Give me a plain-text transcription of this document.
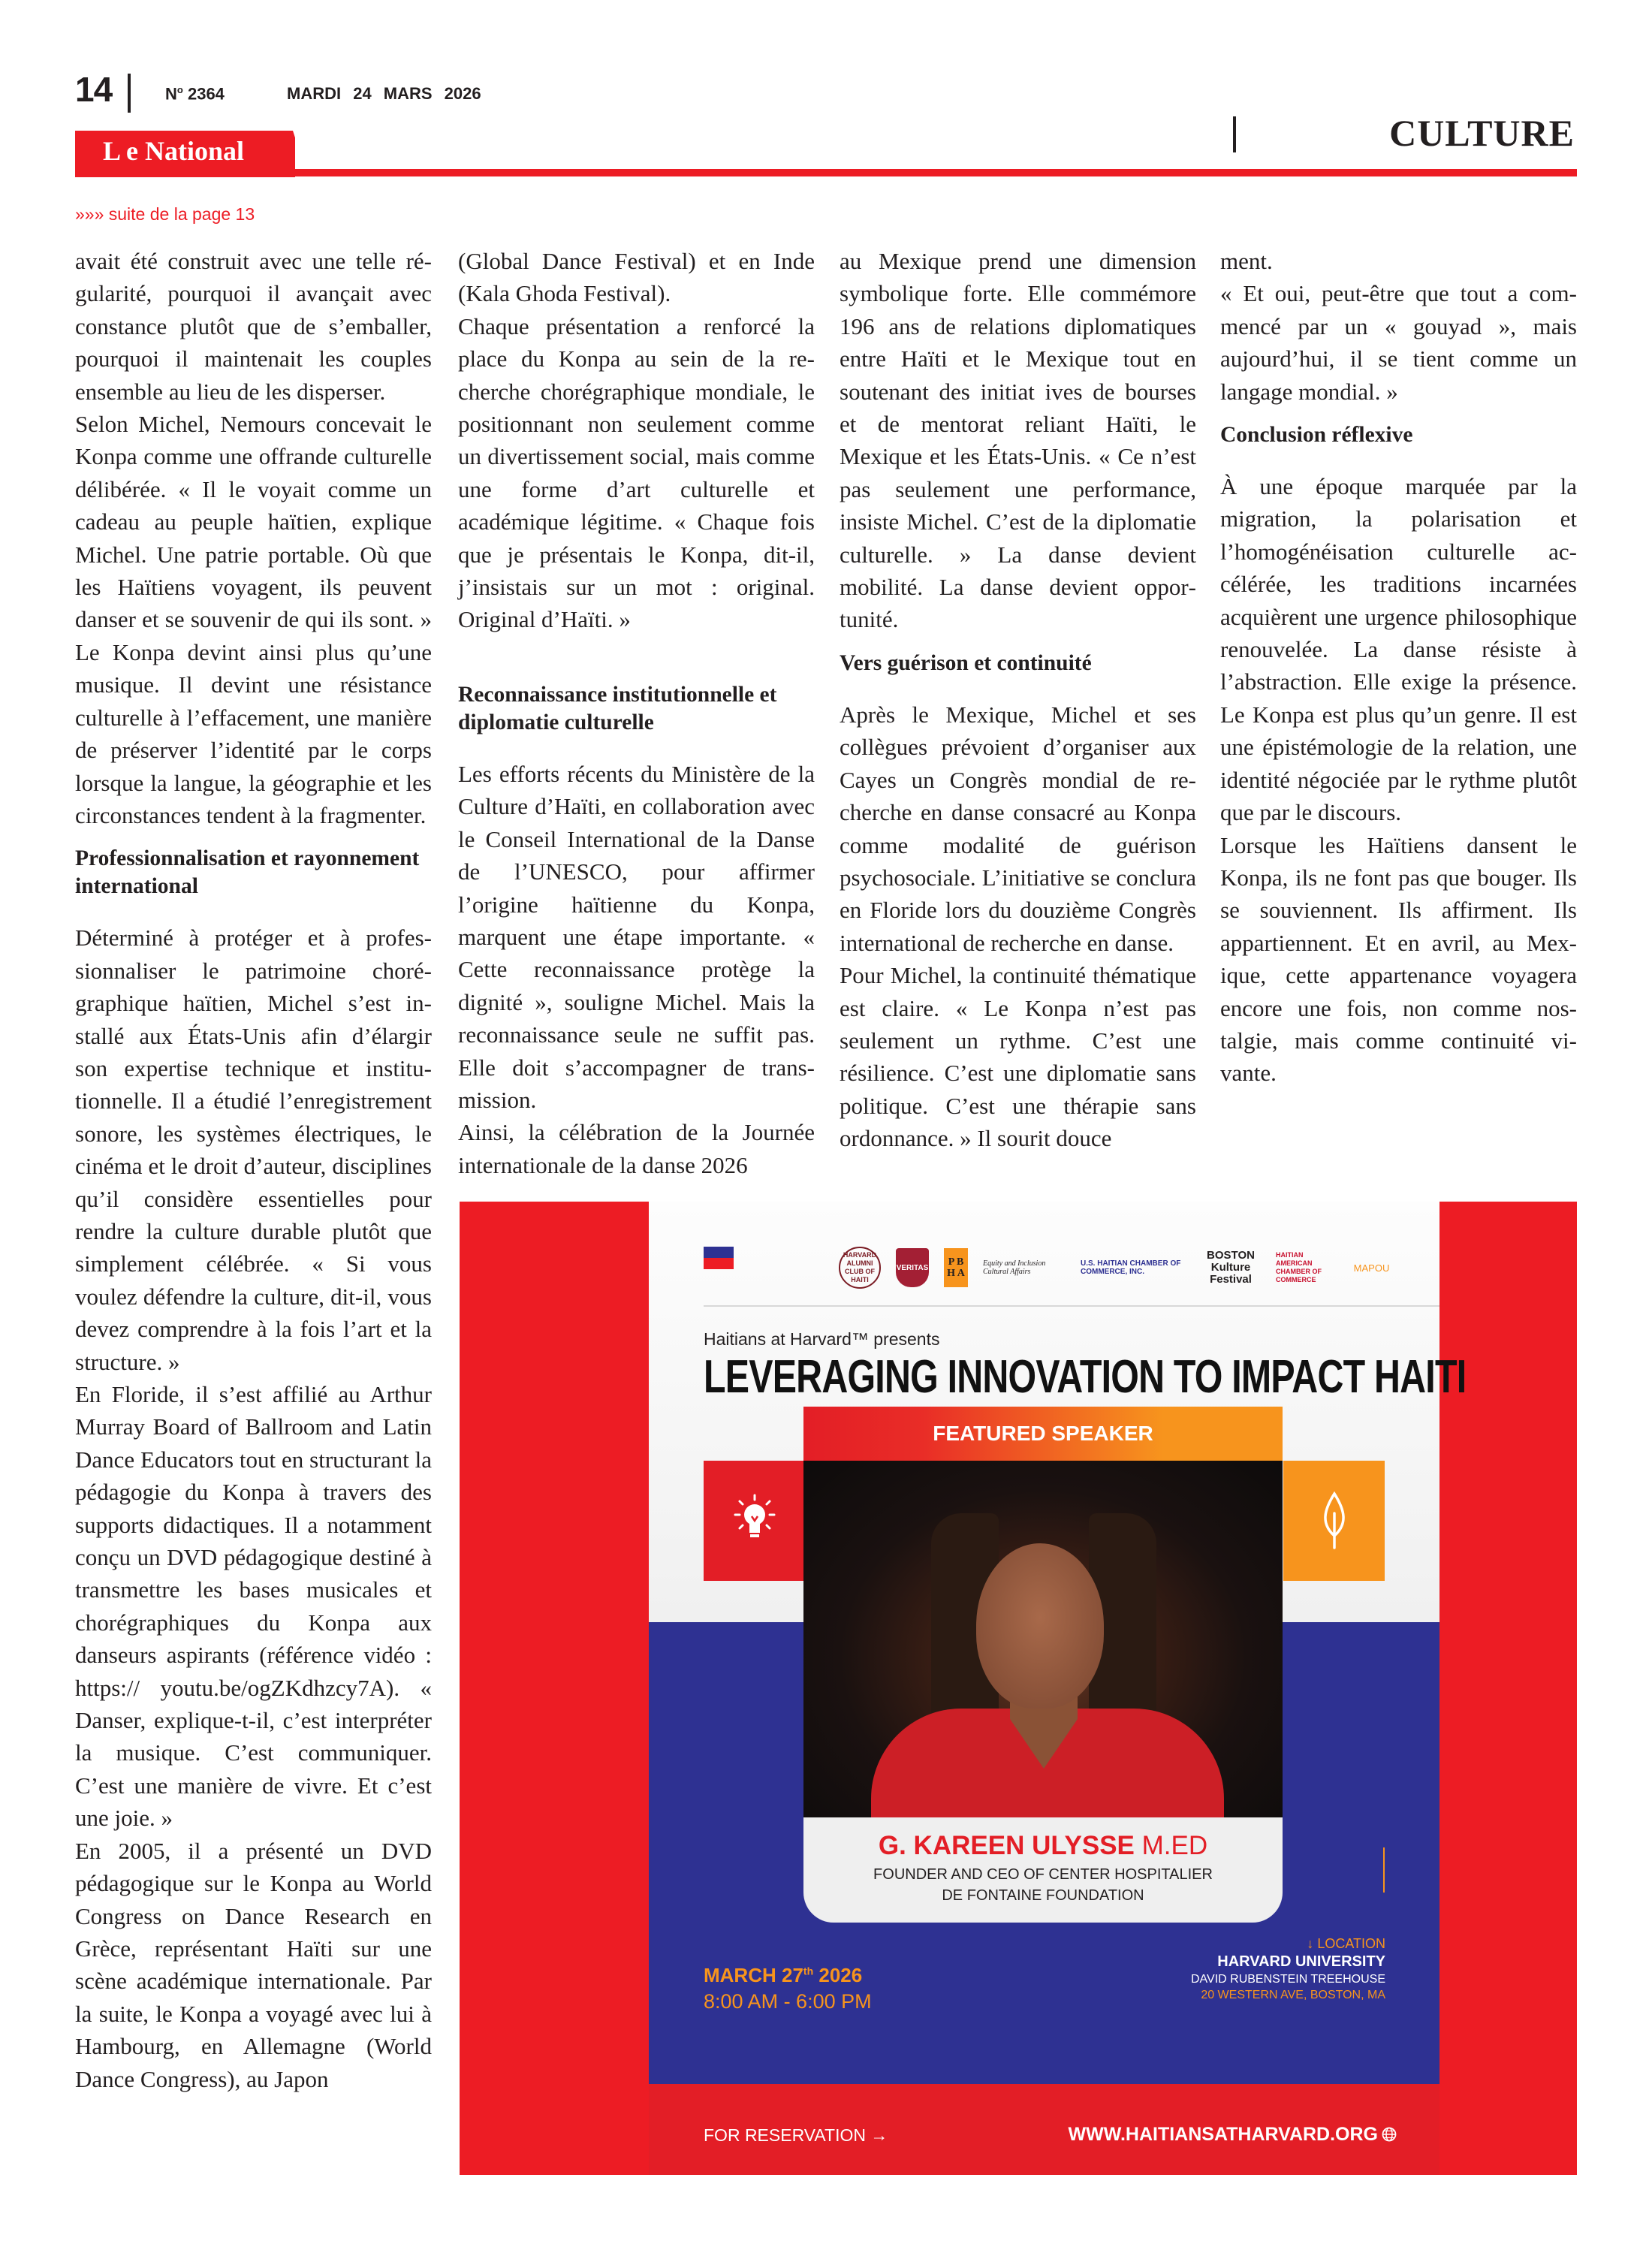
14	$N^o$ 2364	MARDI 24 MARS 2026
CULTURE
L e National
»»» suite de la page 13

avait été construit avec une telle régularité, pourquoi il avançait avec constance plutôt que de s’emballer, pourquoi il maintenait les couples ensemble au lieu de les disperser.

Selon Michel, Nemours concevait le Konpa comme une offrande culturelle délibérée. « Il le voyait comme un cadeau au peuple haïtien, explique Michel. Une patrie portable. Où que les Haïtiens voyagent, ils peuvent danser et se souvenir de qui ils sont. » Le Konpa devint ainsi plus qu’une musique. Il devint une résistance culturelle à l’effacement, une manière de préserver l’identité par le corps lorsque la langue, la géographie et les circonstances tendent à la fragmenter.

Professionnalisation et rayonnement international

Déterminé à protéger et à professionnaliser le patrimoine chorégraphique haïtien, Michel s’est installé aux États-Unis afin d’élargir son expertise technique et institutionnelle. Il a étudié l’enregistrement sonore, les systèmes électriques, le cinéma et le droit d’auteur, disciplines qu’il considère essentielles pour rendre la culture durable plutôt que simplement célébrée. « Si vous voulez défendre la culture, dit-il, vous devez comprendre à la fois l’art et la structure. »

En Floride, il s’est affilié au Arthur Murray Board of Ballroom and Latin Dance Educators tout en structurant la pédagogie du Konpa à travers des supports didactiques. Il a notamment conçu un DVD pédagogique destiné à transmettre les bases musicales et chorégraphiques du Konpa aux danseurs aspirants (référence vidéo : https:// youtu.be/ogZKdhzcy7A). « Danser, explique-t-il, c’est interpréter la musique. C’est communiquer. C’est une manière de vivre. Et c’est une joie. »

En 2005, il a présenté un DVD pédagogique sur le Konpa au World Congress on Dance Research en Grèce, représentant Haïti sur une scène académique internationale. Par la suite, le Konpa a voyagé avec lui à Hambourg, en Allemagne (World Dance Congress), au Japon

(Global Dance Festival) et en Inde (Kala Ghoda Festival).

Chaque présentation a renforcé la place du Konpa au sein de la recherche chorégraphique mondiale, le positionnant non seulement comme un divertissement social, mais comme une forme d’art culturelle et académique légitime. « Chaque fois que je présentais le Konpa, dit-il, j’insistais sur un mot : original. Original d’Haïti. »

Reconnaissance institutionnelle et diplomatie culturelle

Les efforts récents du Ministère de la Culture d’Haïti, en collaboration avec le Conseil International de la Danse de l’UNESCO, pour affirmer l’origine haïtienne du Konpa, marquent une étape importante. « Cette reconnaissance protège la dignité », souligne Michel. Mais la reconnaissance seule ne suffit pas. Elle doit s’accompagner de transmission.

Ainsi, la célébration de la Journée internationale de la danse 2026

au Mexique prend une dimension symbolique forte. Elle commémore 196 ans de relations diplomatiques entre Haïti et le Mexique tout en soutenant des initiat ives de bourses et de mentorat reliant Haïti, le Mexique et les États-Unis. « Ce n’est pas seulement une performance, insiste Michel. C’est de la diplomatie culturelle. » La danse devient mobilité. La danse devient opportunité.

Vers guérison et continuité

Après le Mexique, Michel et ses collègues prévoient d’organiser aux Cayes un Congrès mondial de recherche en danse consacré au Konpa comme modalité de guérison psychosociale. L’initiative se conclura en Floride lors du douzième Congrès international de recherche en danse.

Pour Michel, la continuité thématique est claire. « Le Konpa n’est pas seulement un rythme. C’est une résilience. C’est une diplomatie sans politique. C’est une thérapie sans ordonnance. » Il sourit douce

ment.

« Et oui, peut-être que tout a commencé par un « gouyad », mais aujourd’hui, il se tient comme un langage mondial. »

Conclusion réflexive

À une époque marquée par la migration, la polarisation et l’homogénéisation culturelle accélérée, les traditions incarnées acquièrent une urgence philosophique renouvelée. La danse résiste à l’abstraction. Elle exige la présence. Le Konpa est plus qu’un genre. Il est une épistémologie de la relation, une identité négociée par le rythme plutôt que par le discours.

Lorsque les Haïtiens dansent le Konpa, ils ne font pas que bouger. Ils se souviennent. Ils affirment. Ils appartiennent. Et en avril, au Mexique, cette appartenance voyagera encore une fois, non comme nostalgie, mais comme continuité vivante.

HARVARD ALUMNI CLUB OF HAITI
VERITAS	P B H A
Equity and Inclusion Cultural Affairs
U.S. HAITIAN CHAMBER OF COMMERCE, INC.
BOSTON Kulture Festival
HAITIAN AMERICAN CHAMBER OF COMMERCE
MAPOU
Haitians at Harvard™ presents
LEVERAGING INNOVATION TO IMPACT HAITI
FEATURED SPEAKER
G. KAREEN ULYSSE M.ED
FOUNDER AND CEO OF CENTER HOSPITALIER
DE FONTAINE FOUNDATION
MARCH 27th 2026
8:00 AM - 6:00 PM
↓ LOCATION
HARVARD UNIVERSITY
DAVID RUBENSTEIN TREEHOUSE
20 WESTERN AVE, BOSTON, MA
FOR RESERVATION →	WWW.HAITIANSATHARVARD.ORG
